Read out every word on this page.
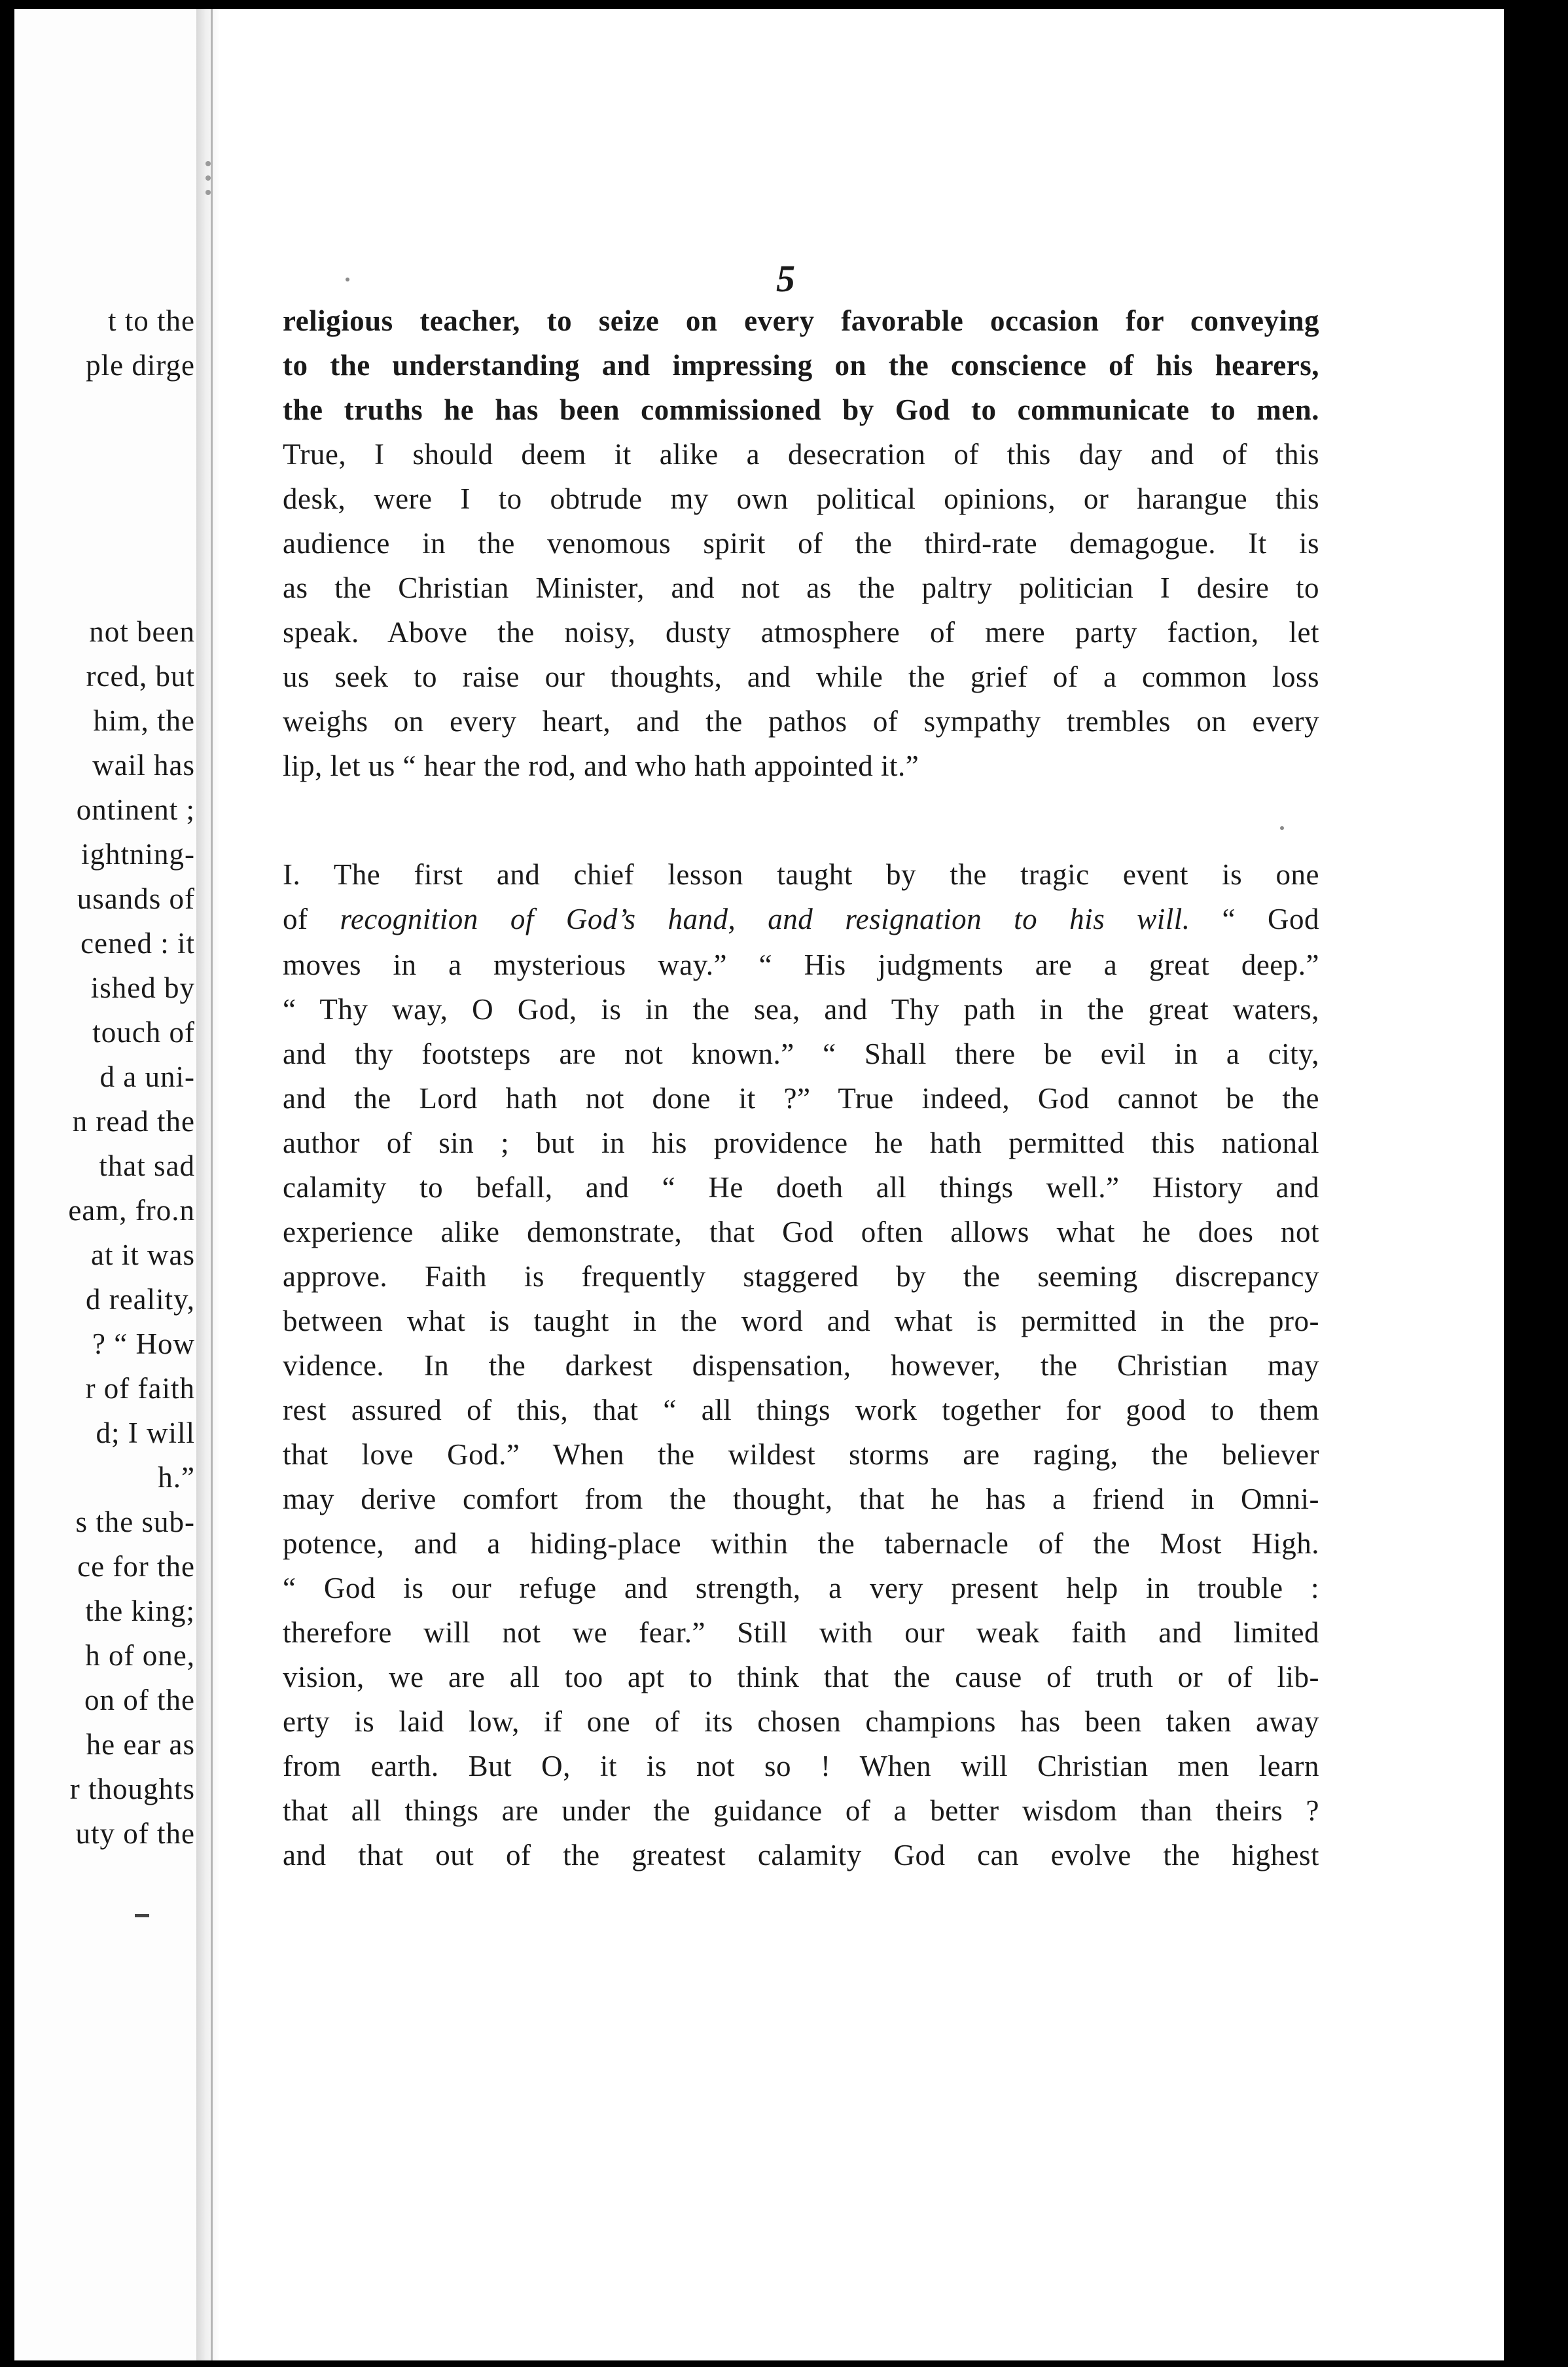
t to the
ple dirge
not been
rced, but
him, the
wail has
ontinent ;
ightning-
usands of
cened : it
ished by
touch of
d a uni-
n read the
that sad
eam, fro.n
at it was
d reality,
? “ How
r of faith
d; I will
h.”
s the sub-
ce for the
the king;
h of one,
on of the
he ear as
r thoughts
uty of the
5
religious teacher, to seize on every favorable occasion for conveying
to the understanding and impressing on the conscience of his hearers,
the truths he has been commissioned by God to communicate to men.
True, I should deem it alike a desecration of this day and of this
desk, were I to obtrude my own political opinions, or harangue this
audience in the venomous spirit of the third-rate demagogue. It is
as the Christian Minister, and not as the paltry politician I desire to
speak. Above the noisy, dusty atmosphere of mere party faction, let
us seek to raise our thoughts, and while the grief of a common loss
weighs on every heart, and the pathos of sympathy trembles on every
lip, let us “ hear the rod, and who hath appointed it.”
I. The first and chief lesson taught by the tragic event is one
of recognition of God’s hand, and resignation to his will. “ God
moves in a mysterious way.” “ His judgments are a great deep.”
“ Thy way, O God, is in the sea, and Thy path in the great waters,
and thy footsteps are not known.” “ Shall there be evil in a city,
and the Lord hath not done it ?” True indeed, God cannot be the
author of sin ; but in his providence he hath permitted this national
calamity to befall, and “ He doeth all things well.” History and
experience alike demonstrate, that God often allows what he does not
approve. Faith is frequently staggered by the seeming discrepancy
between what is taught in the word and what is permitted in the pro-
vidence. In the darkest dispensation, however, the Christian may
rest assured of this, that “ all things work together for good to them
that love God.” When the wildest storms are raging, the believer
may derive comfort from the thought, that he has a friend in Omni-
potence, and a hiding-place within the tabernacle of the Most High.
“ God is our refuge and strength, a very present help in trouble :
therefore will not we fear.” Still with our weak faith and limited
vision, we are all too apt to think that the cause of truth or of lib-
erty is laid low, if one of its chosen champions has been taken away
from earth. But O, it is not so ! When will Christian men learn
that all things are under the guidance of a better wisdom than theirs ?
and that out of the greatest calamity God can evolve the highest
